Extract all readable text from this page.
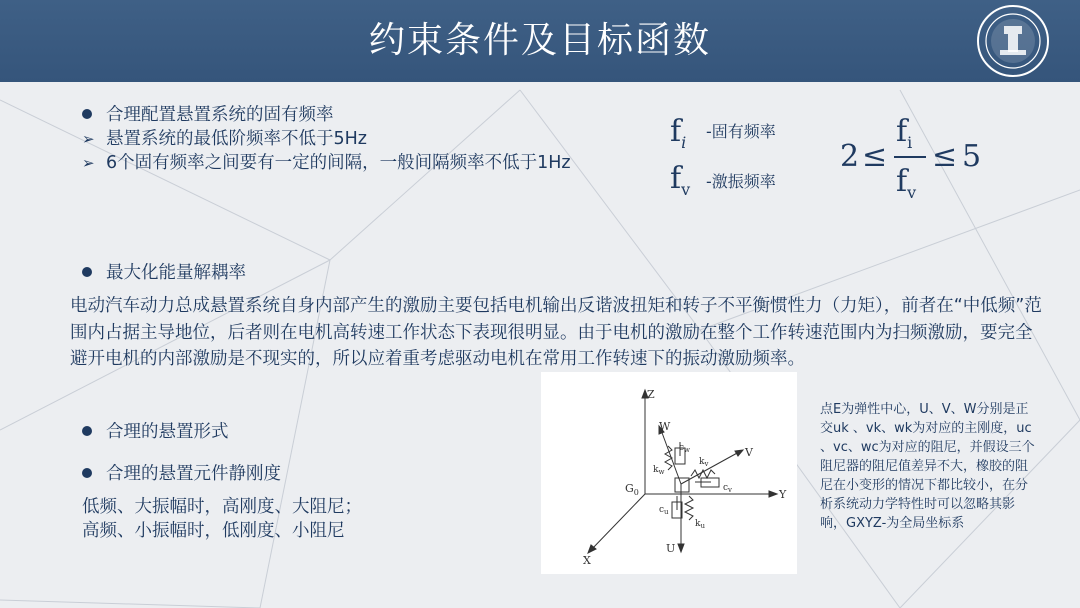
约束条件及目标函数
合理配置悬置系统的固有频率
➢ 悬置系统的最低阶频率不低于5Hz
➢ 6个固有频率之间要有一定的间隔，一般间隔频率不低于1Hz
$f_i$
-固有频率
$f_v$ -激振频率
2 ≤
$f_i$
$f_v$
≤ 5
最大化能量解耦率
电动汽车动力总成悬置系统自身内部产生的激励主要包括电机输出反谐波扭矩和转子不平衡惯性力（力矩），前者在“中低频”范围内占据主导地位，后者则在电机高转速工作状态下表现很明显。由于电机的激励在整个工作转速范围内为扫频激励，要完全避开电机的内部激励是不现实的，所以应着重考虑驱动电机在常用工作转速下的振动激励频率。
合理的悬置形式
合理的悬置元件静刚度
低频、大振幅时，高刚度、大阻尼；
高频、小振幅时，低刚度、小阻尼
Z
Y
X
$G_0$
W
V
U
$c_w$
$k_w$
$k_v$
$c_v$
$c_u$
$k_u$
点E为弹性中心，U、V、W分别是正交uk 、vk、wk为对应的主刚度，uc 、vc、wc为对应的阻尼，并假设三个阻尼器的阻尼值差异不大，橡胶的阻尼在小变形的情况下都比较小，在分析系统动力学特性时可以忽略其影响，GXYZ-为全局坐标系
